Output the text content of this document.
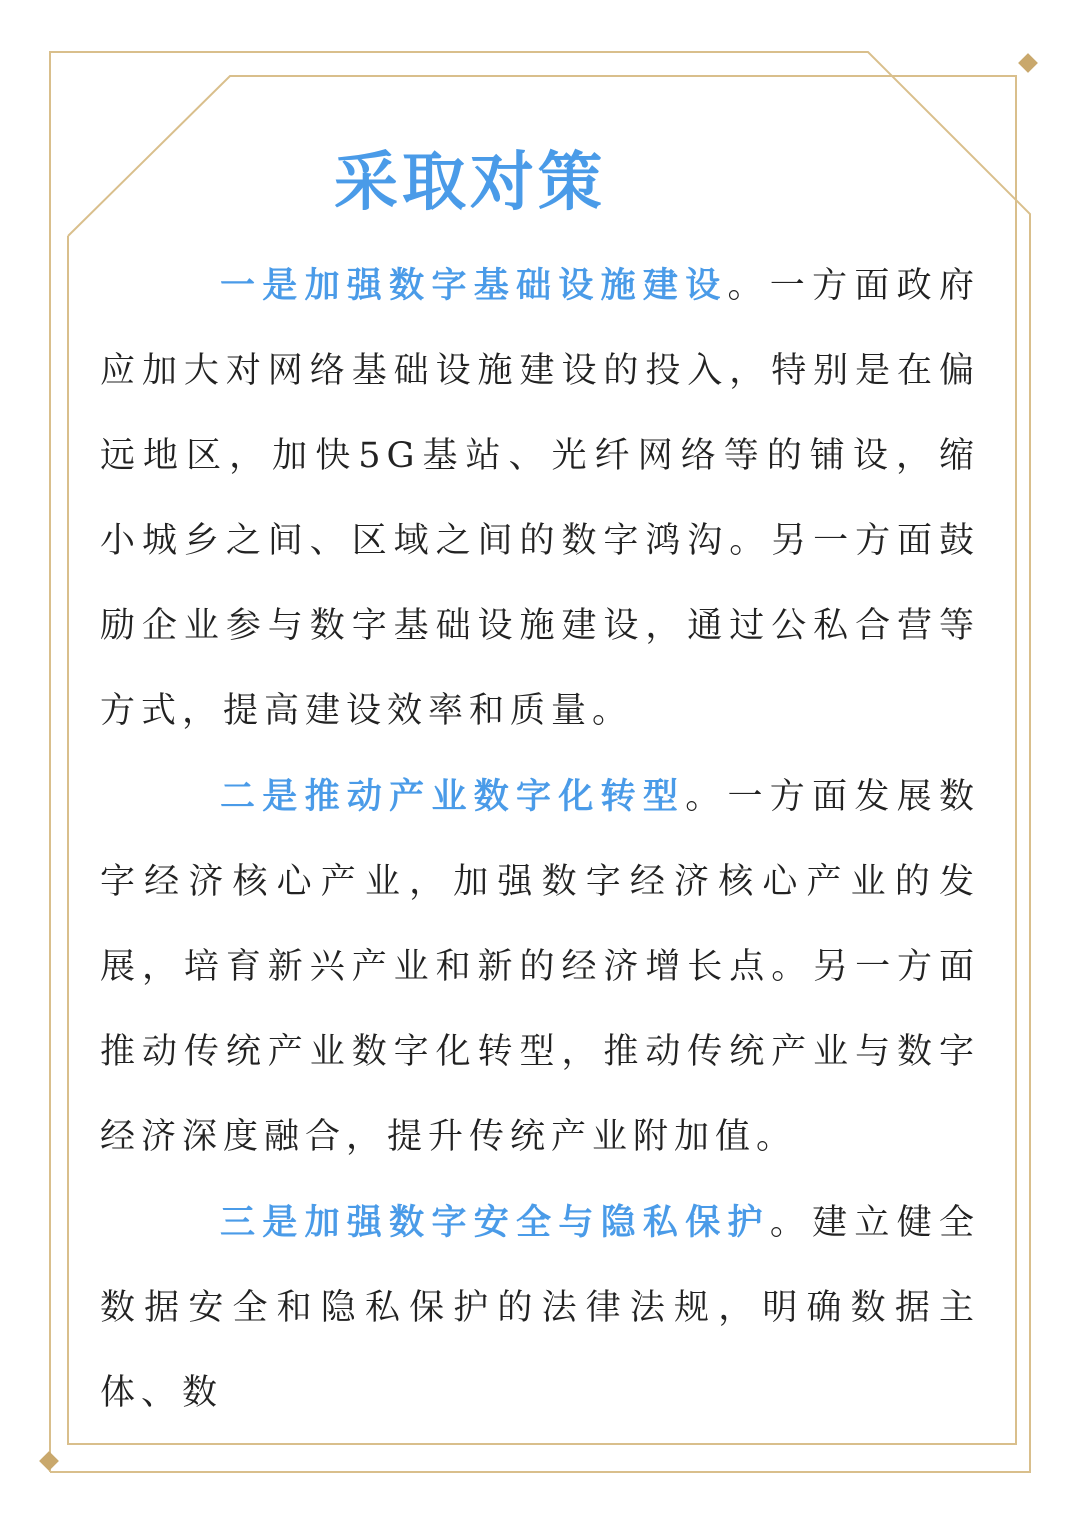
采取对策

一是加强数字基础设施建设。一方面政府应加大对网络基础设施建设的投入，特别是在偏远地区，加快5G基站、光纤网络等的铺设，缩小城乡之间、区域之间的数字鸿沟。另一方面鼓励企业参与数字基础设施建设，通过公私合营等方式，提高建设效率和质量。

二是推动产业数字化转型。一方面发展数字经济核心产业，加强数字经济核心产业的发展，培育新兴产业和新的经济增长点。另一方面推动传统产业数字化转型，推动传统产业与数字经济深度融合，提升传统产业附加值。

三是加强数字安全与隐私保护。建立健全数据安全和隐私保护的法律法规，明确数据主体、数
